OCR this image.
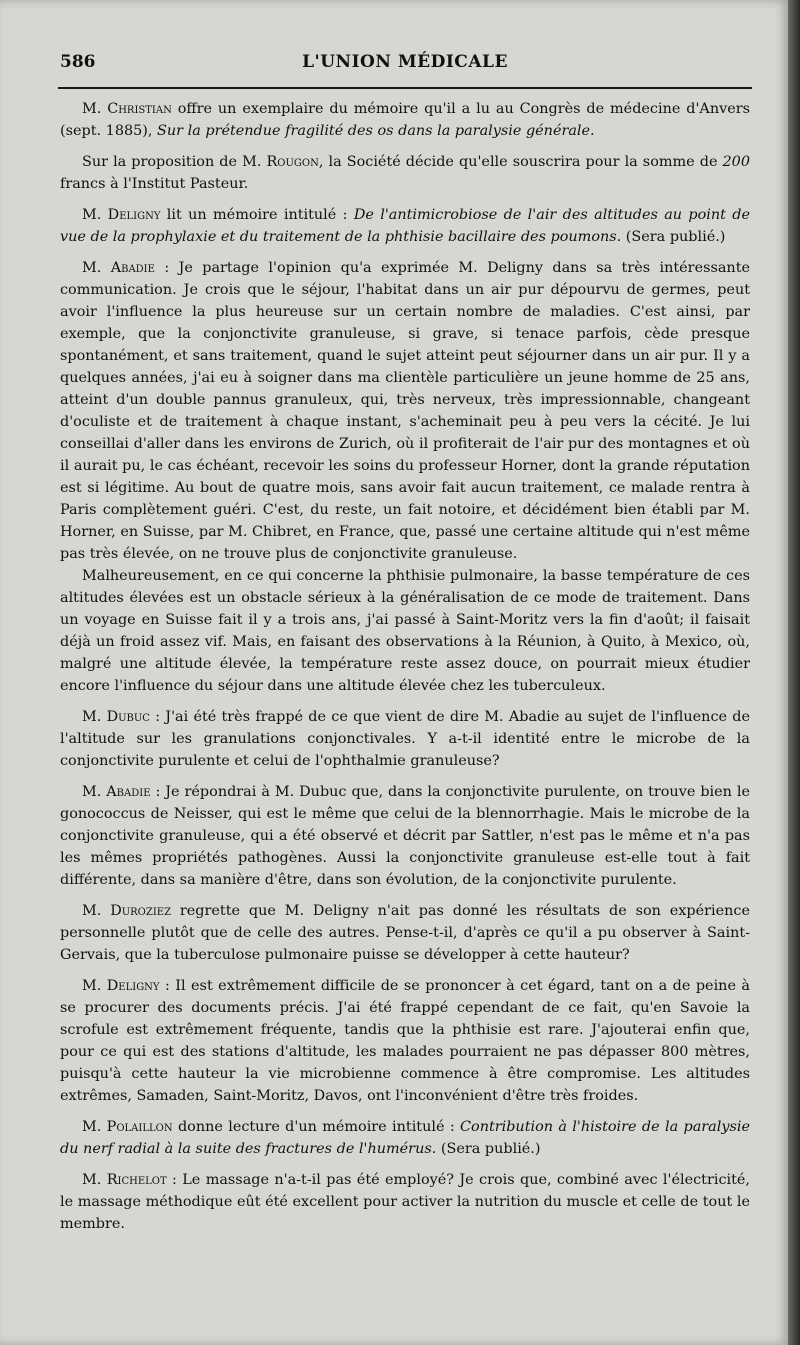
586	L'UNION MÉDICALE

M. Christian offre un exemplaire du mémoire qu'il a lu au Congrès de médecine d'Anvers (sept. 1885), Sur la prétendue fragilité des os dans la paralysie générale.

Sur la proposition de M. Rougon, la Société décide qu'elle souscrira pour la somme de 200 francs à l'Institut Pasteur.

M. Deligny lit un mémoire intitulé : De l'antimicrobiose de l'air des altitudes au point de vue de la prophylaxie et du traitement de la phthisie bacillaire des poumons. (Sera publié.)

M. Abadie : Je partage l'opinion qu'a exprimée M. Deligny dans sa très intéressante communication. Je crois que le séjour, l'habitat dans un air pur dépourvu de germes, peut avoir l'influence la plus heureuse sur un certain nombre de maladies. C'est ainsi, par exemple, que la conjonctivite granuleuse, si grave, si tenace parfois, cède presque spontanément, et sans traitement, quand le sujet atteint peut séjourner dans un air pur. Il y a quelques années, j'ai eu à soigner dans ma clientèle particulière un jeune homme de 25 ans, atteint d'un double pannus granuleux, qui, très nerveux, très impressionnable, changeant d'oculiste et de traitement à chaque instant, s'acheminait peu à peu vers la cécité. Je lui conseillai d'aller dans les environs de Zurich, où il profiterait de l'air pur des montagnes et où il aurait pu, le cas échéant, recevoir les soins du professeur Horner, dont la grande réputation est si légitime. Au bout de quatre mois, sans avoir fait aucun traitement, ce malade rentra à Paris complètement guéri. C'est, du reste, un fait notoire, et décidément bien établi par M. Horner, en Suisse, par M. Chibret, en France, que, passé une certaine altitude qui n'est même pas très élevée, on ne trouve plus de conjonctivite granuleuse.

Malheureusement, en ce qui concerne la phthisie pulmonaire, la basse température de ces altitudes élevées est un obstacle sérieux à la généralisation de ce mode de traitement. Dans un voyage en Suisse fait il y a trois ans, j'ai passé à Saint-Moritz vers la fin d'août; il faisait déjà un froid assez vif. Mais, en faisant des observations à la Réunion, à Quito, à Mexico, où, malgré une altitude élevée, la température reste assez douce, on pourrait mieux étudier encore l'influence du séjour dans une altitude élevée chez les tuberculeux.

M. Dubuc : J'ai été très frappé de ce que vient de dire M. Abadie au sujet de l'influence de l'altitude sur les granulations conjonctivales. Y a-t-il identité entre le microbe de la conjonctivite purulente et celui de l'ophthalmie granuleuse?

M. Abadie : Je répondrai à M. Dubuc que, dans la conjonctivite purulente, on trouve bien le gonococcus de Neisser, qui est le même que celui de la blennorrhagie. Mais le microbe de la conjonctivite granuleuse, qui a été observé et décrit par Sattler, n'est pas le même et n'a pas les mêmes propriétés pathogènes. Aussi la conjonctivite granuleuse est-elle tout à fait différente, dans sa manière d'être, dans son évolution, de la conjonctivite purulente.

M. Duroziez regrette que M. Deligny n'ait pas donné les résultats de son expérience personnelle plutôt que de celle des autres. Pense-t-il, d'après ce qu'il a pu observer à Saint-Gervais, que la tuberculose pulmonaire puisse se développer à cette hauteur?

M. Deligny : Il est extrêmement difficile de se prononcer à cet égard, tant on a de peine à se procurer des documents précis. J'ai été frappé cependant de ce fait, qu'en Savoie la scrofule est extrêmement fréquente, tandis que la phthisie est rare. J'ajouterai enfin que, pour ce qui est des stations d'altitude, les malades pourraient ne pas dépasser 800 mètres, puisqu'à cette hauteur la vie microbienne commence à être compromise. Les altitudes extrêmes, Samaden, Saint-Moritz, Davos, ont l'inconvénient d'être très froides.

M. Polaillon donne lecture d'un mémoire intitulé : Contribution à l'histoire de la paralysie du nerf radial à la suite des fractures de l'humérus. (Sera publié.)

M. Richelot : Le massage n'a-t-il pas été employé? Je crois que, combiné avec l'électricité, le massage méthodique eût été excellent pour activer la nutrition du muscle et celle de tout le membre.
